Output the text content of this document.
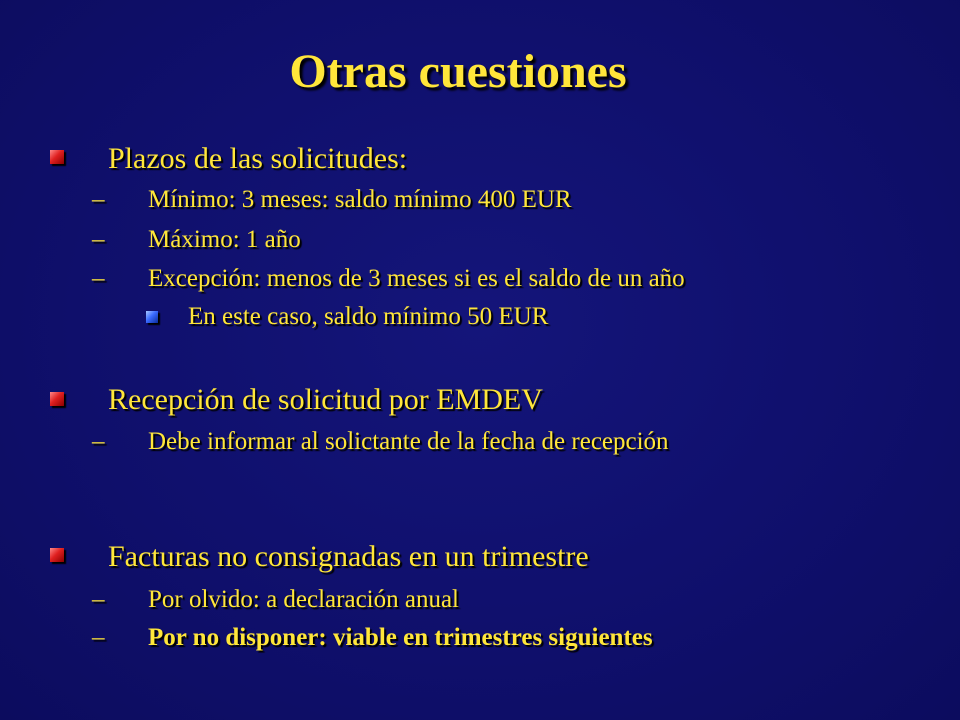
Otras cuestiones
Plazos de las solicitudes:
– Mínimo: 3 meses: saldo mínimo 400 EUR
– Máximo: 1 año
– Excepción: menos de 3 meses si es el saldo de un año
En este caso, saldo mínimo 50 EUR
Recepción de solicitud por EMDEV
– Debe informar al solictante de la fecha de recepción
Facturas no consignadas en un trimestre
– Por olvido: a declaración anual
– Por no disponer: viable en trimestres siguientes
